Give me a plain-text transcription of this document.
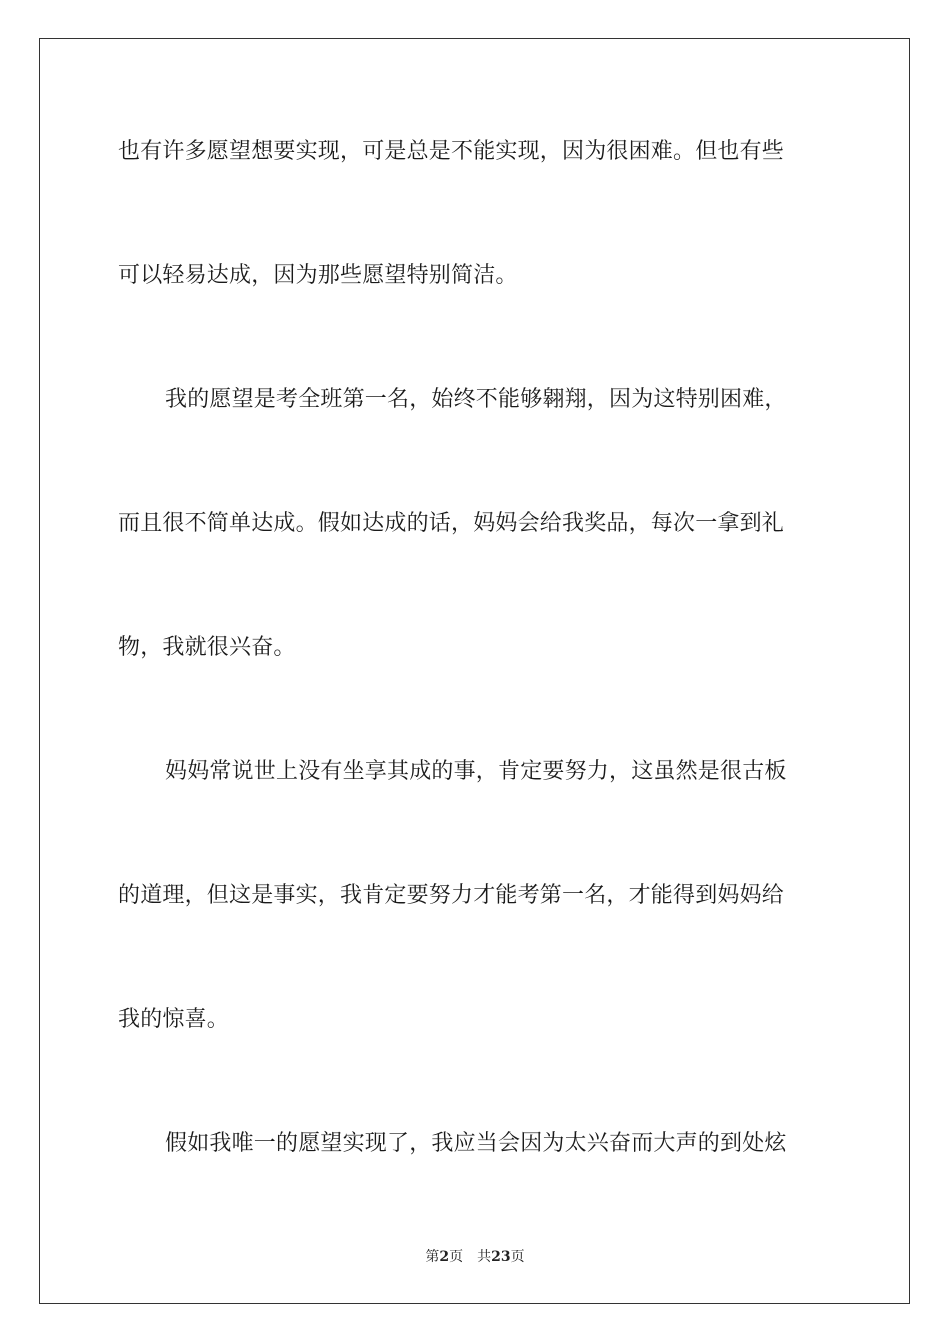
也有许多愿望想要实现，可是总是不能实现，因为很困难。但也有些
可以轻易达成，因为那些愿望特别简洁。
我的愿望是考全班第一名，始终不能够翱翔，因为这特别困难，
而且很不简单达成。假如达成的话，妈妈会给我奖品，每次一拿到礼
物，我就很兴奋。
妈妈常说世上没有坐享其成的事，肯定要努力，这虽然是很古板
的道理，但这是事实，我肯定要努力才能考第一名，才能得到妈妈给
我的惊喜。
假如我唯一的愿望实现了，我应当会因为太兴奋而大声的到处炫
第2页 共23页
